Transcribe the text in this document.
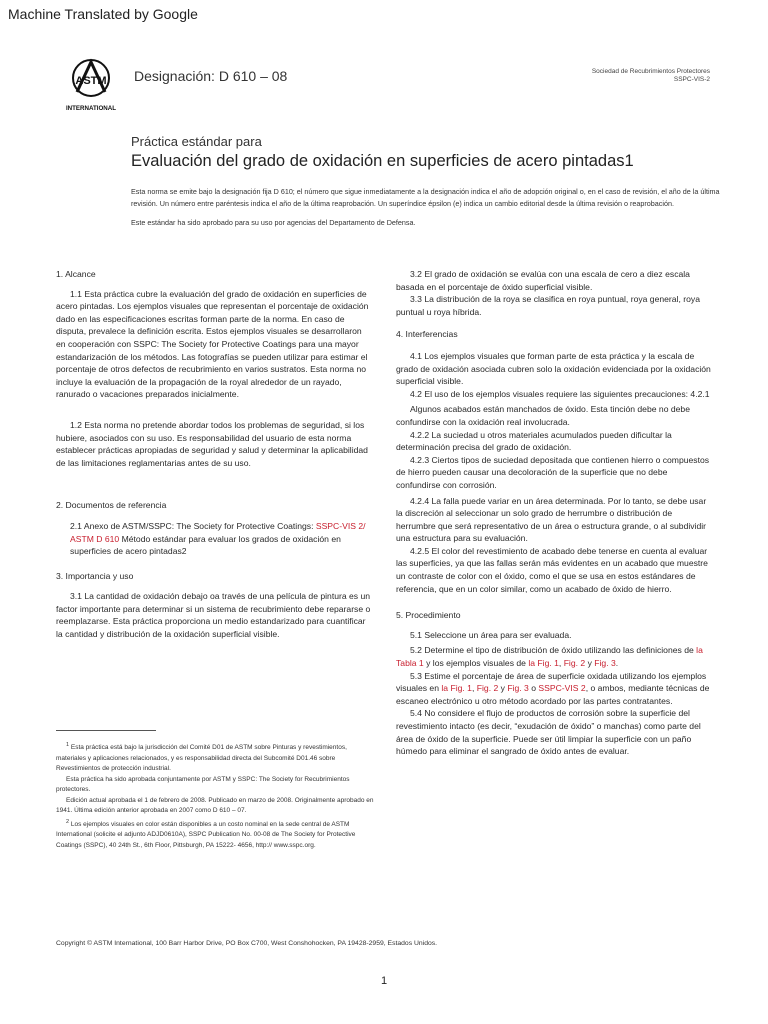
Machine Translated by Google
ASTM
INTERNATIONAL
Designación: D 610 – 08	Sociedad de Recubrimientos Protectores
SSPC-VIS-2
Práctica estándar para
Evaluación del grado de oxidación en superficies de acero pintadas1

Esta norma se emite bajo la designación fija D 610; el número que sigue inmediatamente a la designación indica el año de adopción original o, en el caso de revisión, el año de la última revisión. Un número entre paréntesis indica el año de la última reaprobación. Un superíndice épsilon (e) indica un cambio editorial desde la última revisión o reaprobación.

Este estándar ha sido aprobado para su uso por agencias del Departamento de Defensa.

1. Alcance

1.1 Esta práctica cubre la evaluación del grado de oxidación en superficies de acero pintadas. Los ejemplos visuales que representan el porcentaje de oxidación dado en las especificaciones escritas forman parte de la norma. En caso de disputa, prevalece la definición escrita. Estos ejemplos visuales se desarrollaron en cooperación con SSPC: The Society for Protective Coatings para una mayor estandarización de los métodos. Las fotografías se pueden utilizar para estimar el porcentaje de otros defectos de recubrimiento en varios sustratos. Esta norma no incluye la evaluación de la propagación de la royal alrededor de un rayado, ranurado o vacaciones preparados inicialmente.

1.2 Esta norma no pretende abordar todos los problemas de seguridad, si los hubiere, asociados con su uso. Es responsabilidad del usuario de esta norma establecer prácticas apropiadas de seguridad y salud y determinar la aplicabilidad de las limitaciones reglamentarias antes de su uso.

2. Documentos de referencia

2.1 Anexo de ASTM/SSPC: The Society for Protective Coatings: SSPC-VIS 2/

ASTM D 610 Método estándar para evaluar los grados de oxidación en superficies de acero pintadas2

3. Importancia y uso

3.1 La cantidad de oxidación debajo oa través de una película de pintura es un factor importante para determinar si un sistema de recubrimiento debe repararse o reemplazarse. Esta práctica proporciona un medio estandarizado para cuantificar la cantidad y distribución de la oxidación superficial visible.

$^1$ Esta práctica está bajo la jurisdicción del Comité D01 de ASTM sobre Pinturas y revestimientos, materiales y aplicaciones relacionados, y es responsabilidad directa del Subcomité D01.46 sobre Revestimientos de protección industrial.
Esta práctica ha sido aprobada conjuntamente por ASTM y SSPC: The Society for Recubrimientos protectores.
Edición actual aprobada el 1 de febrero de 2008. Publicado en marzo de 2008. Originalmente aprobado en 1941. Última edición anterior aprobada en 2007 como D 610 – 07.
$^2$ Los ejemplos visuales en color están disponibles a un costo nominal en la sede central de ASTM International (solicite el adjunto ADJD0610A), SSPC Publication No. 00-08 de The Society for Protective Coatings (SSPC), 40 24th St., 6th Floor, Pittsburgh, PA 15222- 4656, http:// www.sspc.org.

3.2 El grado de oxidación se evalúa con una escala de cero a diez escala basada en el porcentaje de óxido superficial visible.

3.3 La distribución de la roya se clasifica en roya puntual, roya general, roya puntual u roya híbrida.

4. Interferencias

4.1 Los ejemplos visuales que forman parte de esta práctica y la escala de grado de oxidación asociada cubren solo la oxidación evidenciada por la oxidación superficial visible.

4.2 El uso de los ejemplos visuales requiere las siguientes precauciones: 4.2.1

Algunos acabados están manchados de óxido. Esta tinción debe no debe confundirse con la oxidación real involucrada.

4.2.2 La suciedad u otros materiales acumulados pueden dificultar la determinación precisa del grado de oxidación.

4.2.3 Ciertos tipos de suciedad depositada que contienen hierro o compuestos de hierro pueden causar una decoloración de la superficie que no debe confundirse con corrosión.

4.2.4 La falla puede variar en un área determinada. Por lo tanto, se debe usar la discreción al seleccionar un solo grado de herrumbre o distribución de herrumbre que será representativo de un área o estructura grande, o al subdividir una estructura para su evaluación.

4.2.5 El color del revestimiento de acabado debe tenerse en cuenta al evaluar las superficies, ya que las fallas serán más evidentes en un acabado que muestre un contraste de color con el óxido, como el que se usa en estos estándares de referencia, que en un color similar, como un acabado de óxido de hierro.

5. Procedimiento

5.1 Seleccione un área para ser evaluada.

5.2 Determine el tipo de distribución de óxido utilizando las definiciones de la Tabla 1 y los ejemplos visuales de la Fig. 1, Fig. 2 y Fig. 3.

5.3 Estime el porcentaje de área de superficie oxidada utilizando los ejemplos visuales en la Fig. 1, Fig. 2 y Fig. 3 o SSPC-VIS 2, o ambos, mediante técnicas de escaneo electrónico u otro método acordado por las partes contratantes.

5.4 No considere el flujo de productos de corrosión sobre la superficie del revestimiento intacto (es decir, “exudación de óxido” o manchas) como parte del área de óxido de la superficie. Puede ser útil limpiar la superficie con un paño húmedo para eliminar el sangrado de óxido antes de evaluar.

Copyright © ASTM International, 100 Barr Harbor Drive, PO Box C700, West Conshohocken, PA 19428-2959, Estados Unidos.
1
